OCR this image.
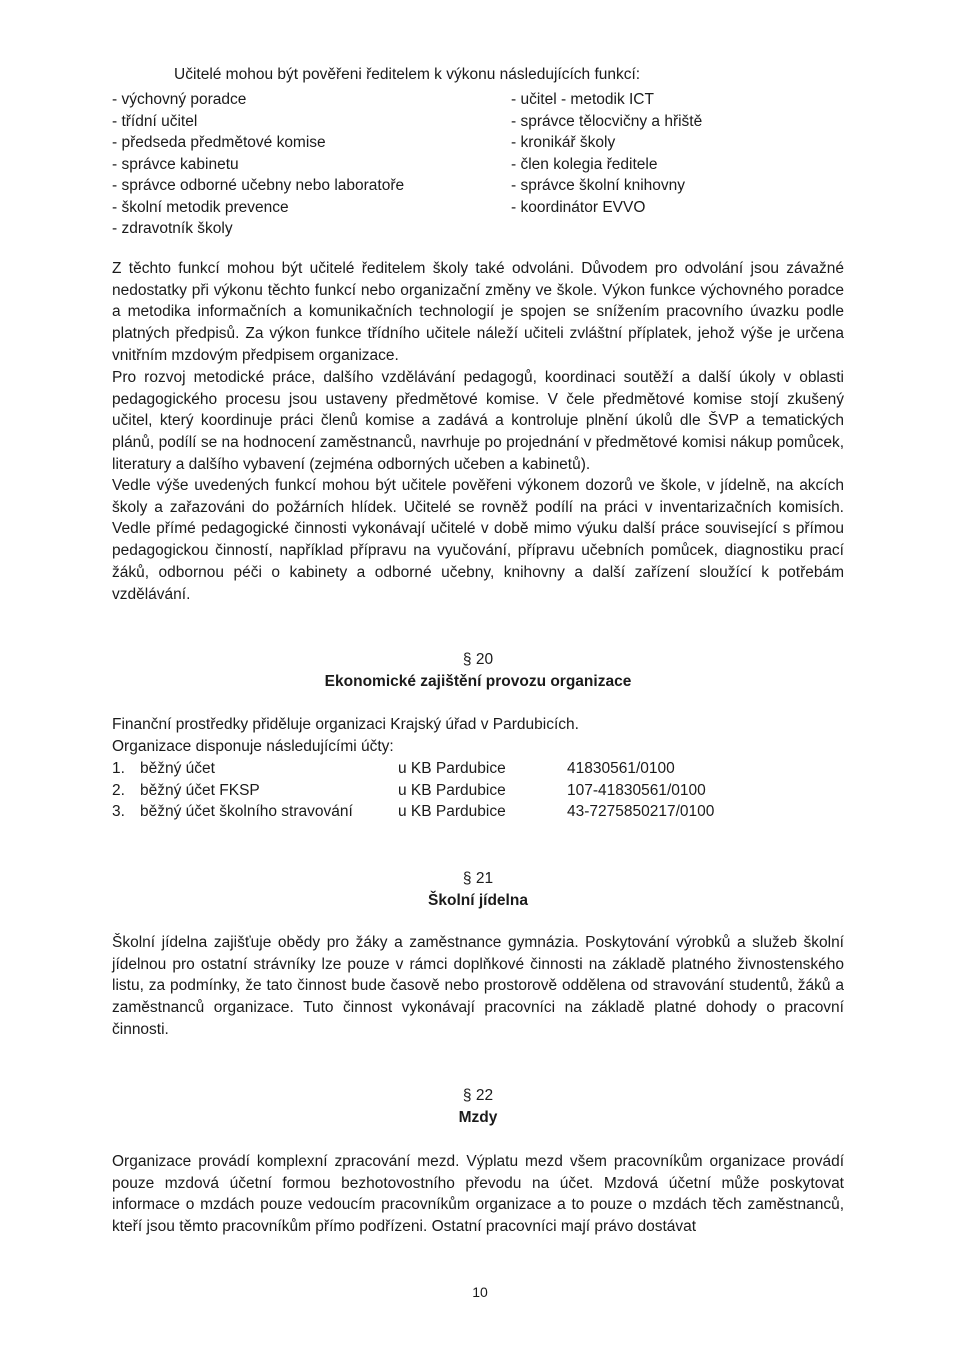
Učitelé mohou být pověřeni ředitelem k výkonu následujících funkcí:
- výchovný poradce	- učitel - metodik ICT
- třídní učitel	- správce tělocvičny a hřiště
- předseda předmětové komise	- kronikář školy
- správce kabinetu	- člen kolegia ředitele
- správce odborné učebny nebo laboratoře	- správce školní knihovny
- školní metodik prevence	- koordinátor EVVO
- zdravotník školy

Z těchto funkcí mohou být učitelé ředitelem školy také odvoláni. Důvodem pro odvolání jsou závažné nedostatky při výkonu těchto funkcí nebo organizační změny ve škole. Výkon funkce výchovného poradce a metodika informačních a komunikačních technologií je spojen se snížením pracovního úvazku podle platných předpisů. Za výkon funkce třídního učitele náleží učiteli zvláštní příplatek, jehož výše je určena vnitřním mzdovým předpisem organizace.

Pro rozvoj metodické práce, dalšího vzdělávání pedagogů, koordinaci soutěží a další úkoly v oblasti pedagogického procesu jsou ustaveny předmětové komise. V čele předmětové komise stojí zkušený učitel, který koordinuje práci členů komise a zadává a kontroluje plnění úkolů dle ŠVP a tematických plánů, podílí se na hodnocení zaměstnanců, navrhuje po projednání v předmětové komisi nákup pomůcek, literatury a dalšího vybavení (zejména odborných učeben a kabinetů).

Vedle výše uvedených funkcí mohou být učitele pověřeni výkonem dozorů ve škole, v jídelně, na akcích školy a zařazováni do požárních hlídek. Učitelé se rovněž podílí na práci v inventarizačních komisích. Vedle přímé pedagogické činnosti vykonávají učitelé v době mimo výuku další práce související s přímou pedagogickou činností, například přípravu na vyučování, přípravu učebních pomůcek, diagnostiku prací žáků, odbornou péči o kabinety a odborné učebny, knihovny a další zařízení sloužící k potřebám vzdělávání.

§ 20
Ekonomické zajištění provozu organizace
Finanční prostředky přiděluje organizaci Krajský úřad v Pardubicích.
Organizace disponuje následujícími účty:
1. běžný účet	u KB Pardubice	41830561/0100
2. běžný účet FKSP	u KB Pardubice	107-41830561/0100
3. běžný účet školního stravování	u KB Pardubice	43-7275850217/0100
§ 21
Školní jídelna

Školní jídelna zajišťuje obědy pro žáky a zaměstnance gymnázia. Poskytování výrobků a služeb školní jídelnou pro ostatní strávníky lze pouze v rámci doplňkové činnosti na základě platného živnostenského listu, za podmínky, že tato činnost bude časově nebo prostorově oddělena od stravování studentů, žáků a zaměstnanců organizace. Tuto činnost vykonávají pracovníci na základě platné dohody o pracovní činnosti.

§ 22
Mzdy

Organizace provádí komplexní zpracování mezd. Výplatu mezd všem pracovníkům organizace provádí pouze mzdová účetní formou bezhotovostního převodu na účet. Mzdová účetní může poskytovat informace o mzdách pouze vedoucím pracovníkům organizace a to pouze o mzdách těch zaměstnanců, kteří jsou těmto pracovníkům přímo podřízeni. Ostatní pracovníci mají právo dostávat

10
